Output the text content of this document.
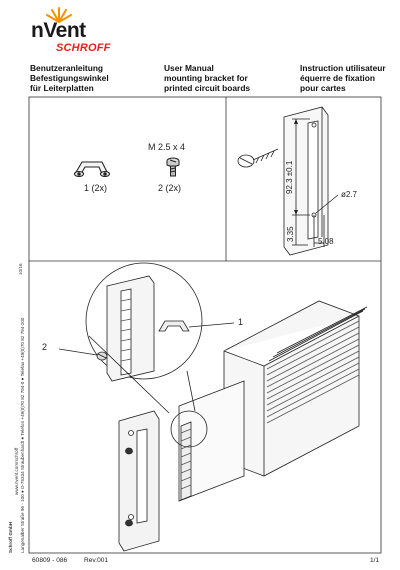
nVent
SCHROFF
Benutzeranleitung
Befestigungswinkel
für Leiterplatten
User Manual
mounting bracket for
printed circuit boards
Instruction utilisateur
équerre de fixation
pour cartes
1 (2x)
M 2.5 x 4
2 (2x)	92.3 ±0.1
ø2.7
3.35	5.08
1
2
10/16
www.nvent.com/schroff Langenalber Straße 96 - 100 ● D-75334 Straubenhardt ● Telefon +49(0)70 82 794-0 ● Telefax +49(0)70 82 794-200
Schroff GmbH
60809 - 086	Rev.001	1/1
